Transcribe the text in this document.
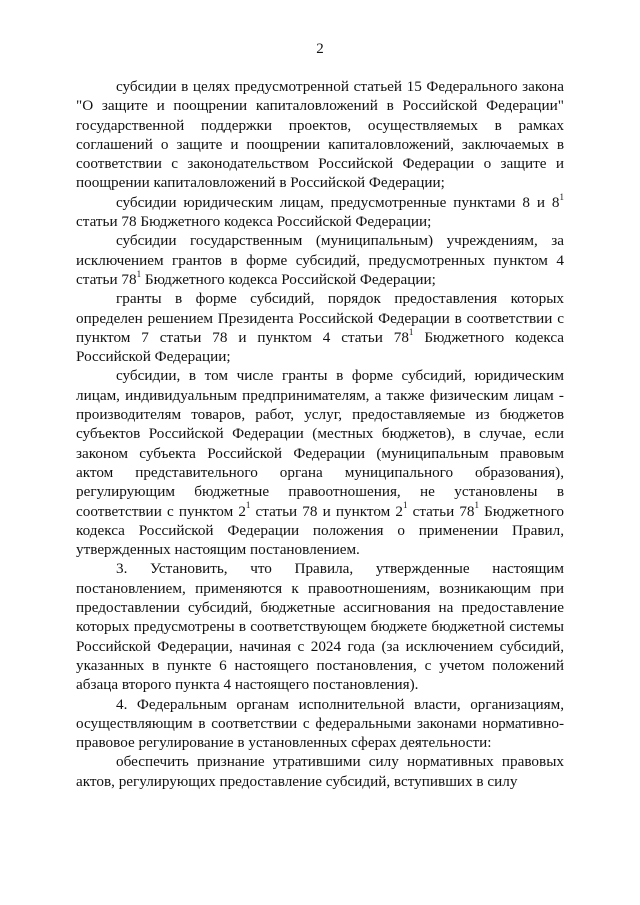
2

субсидии в целях предусмотренной статьей 15 Федерального закона "О защите и поощрении капиталовложений в Российской Федерации" государственной поддержки проектов, осуществляемых в рамках соглашений о защите и поощрении капиталовложений, заключаемых в соответствии с законодательством Российской Федерации о защите и поощрении капиталовложений в Российской Федерации;

субсидии юридическим лицам, предусмотренные пунктами 8 и $8^1$ статьи 78 Бюджетного кодекса Российской Федерации;

субсидии государственным (муниципальным) учреждениям, за исключением грантов в форме субсидий, предусмотренных пунктом 4 статьи $78^1$ Бюджетного кодекса Российской Федерации;

гранты в форме субсидий, порядок предоставления которых определен решением Президента Российской Федерации в соответствии с пунктом 7 статьи 78 и пунктом 4 статьи $78^1$ Бюджетного кодекса Российской Федерации;

субсидии, в том числе гранты в форме субсидий, юридическим лицам, индивидуальным предпринимателям, а также физическим лицам - производителям товаров, работ, услуг, предоставляемые из бюджетов субъектов Российской Федерации (местных бюджетов), в случае, если законом субъекта Российской Федерации (муниципальным правовым актом представительного органа муниципального образования), регулирующим бюджетные правоотношения, не установлены в соответствии с пунктом $2^1$ статьи 78 и пунктом $2^1$ статьи $78^1$ Бюджетного кодекса Российской Федерации положения о применении Правил, утвержденных настоящим постановлением.

3. Установить, что Правила, утвержденные настоящим постановлением, применяются к правоотношениям, возникающим при предоставлении субсидий, бюджетные ассигнования на предоставление которых предусмотрены в соответствующем бюджете бюджетной системы Российской Федерации, начиная с 2024 года (за исключением субсидий, указанных в пункте 6 настоящего постановления, с учетом положений абзаца второго пункта 4 настоящего постановления).

4. Федеральным органам исполнительной власти, организациям, осуществляющим в соответствии с федеральными законами нормативно-правовое регулирование в установленных сферах деятельности:

обеспечить признание утратившими силу нормативных правовых актов, регулирующих предоставление субсидий, вступивших в силу
